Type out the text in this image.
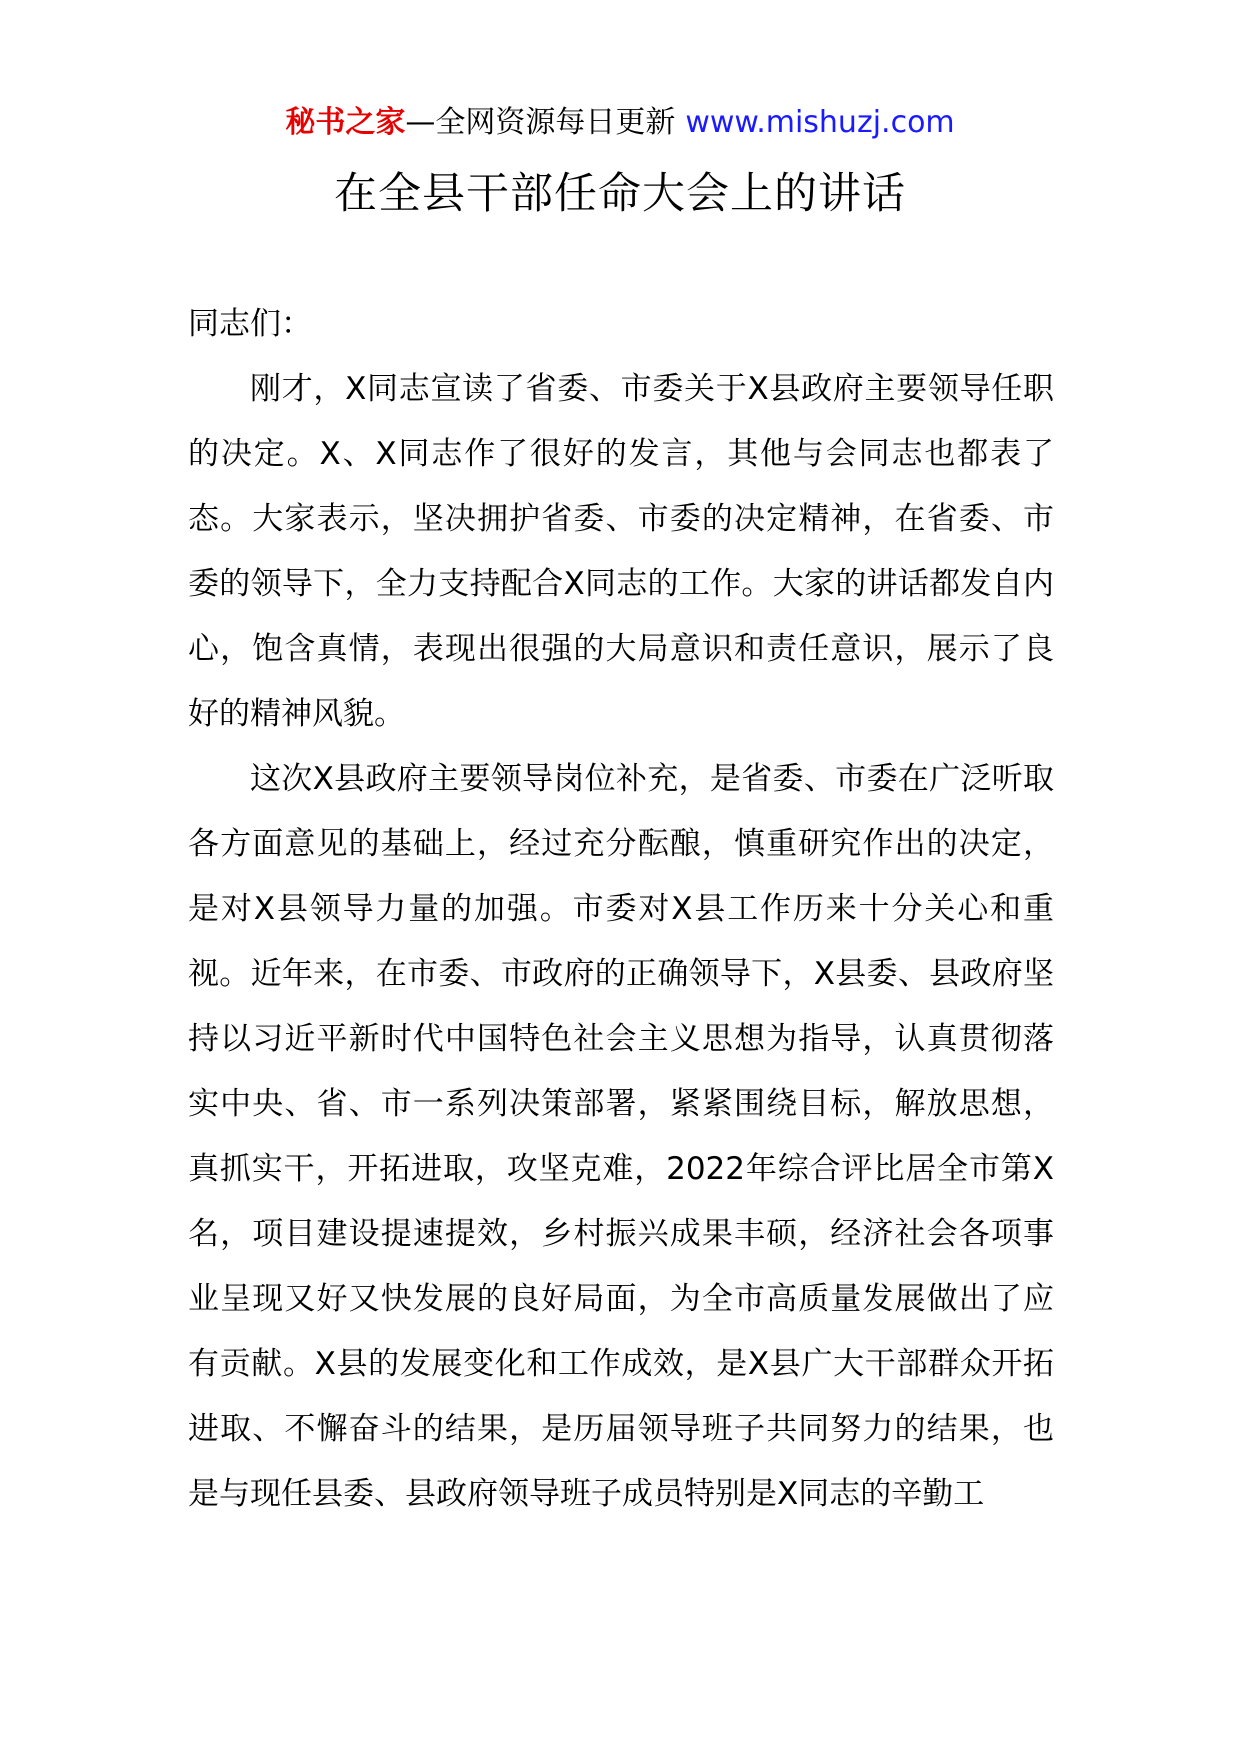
秘书之家—全网资源每日更新 www.mishuzj.com
在全县干部任命大会上的讲话

同志们：

刚才，X同志宣读了省委、市委关于X县政府主要领导任职的决定。X、X同志作了很好的发言，其他与会同志也都表了态。大家表示，坚决拥护省委、市委的决定精神，在省委、市委的领导下，全力支持配合X同志的工作。大家的讲话都发自内心，饱含真情，表现出很强的大局意识和责任意识，展示了良好的精神风貌。

这次X县政府主要领导岗位补充，是省委、市委在广泛听取各方面意见的基础上，经过充分酝酿，慎重研究作出的决定，是对X县领导力量的加强。市委对X县工作历来十分关心和重视。近年来，在市委、市政府的正确领导下，X县委、县政府坚持以习近平新时代中国特色社会主义思想为指导，认真贯彻落实中央、省、市一系列决策部署，紧紧围绕目标，解放思想，真抓实干，开拓进取，攻坚克难，2022年综合评比居全市第X名，项目建设提速提效，乡村振兴成果丰硕，经济社会各项事业呈现又好又快发展的良好局面，为全市高质量发展做出了应有贡献。X县的发展变化和工作成效，是X县广大干部群众开拓进取、不懈奋斗的结果，是历届领导班子共同努力的结果，也是与现任县委、县政府领导班子成员特别是X同志的辛勤工
